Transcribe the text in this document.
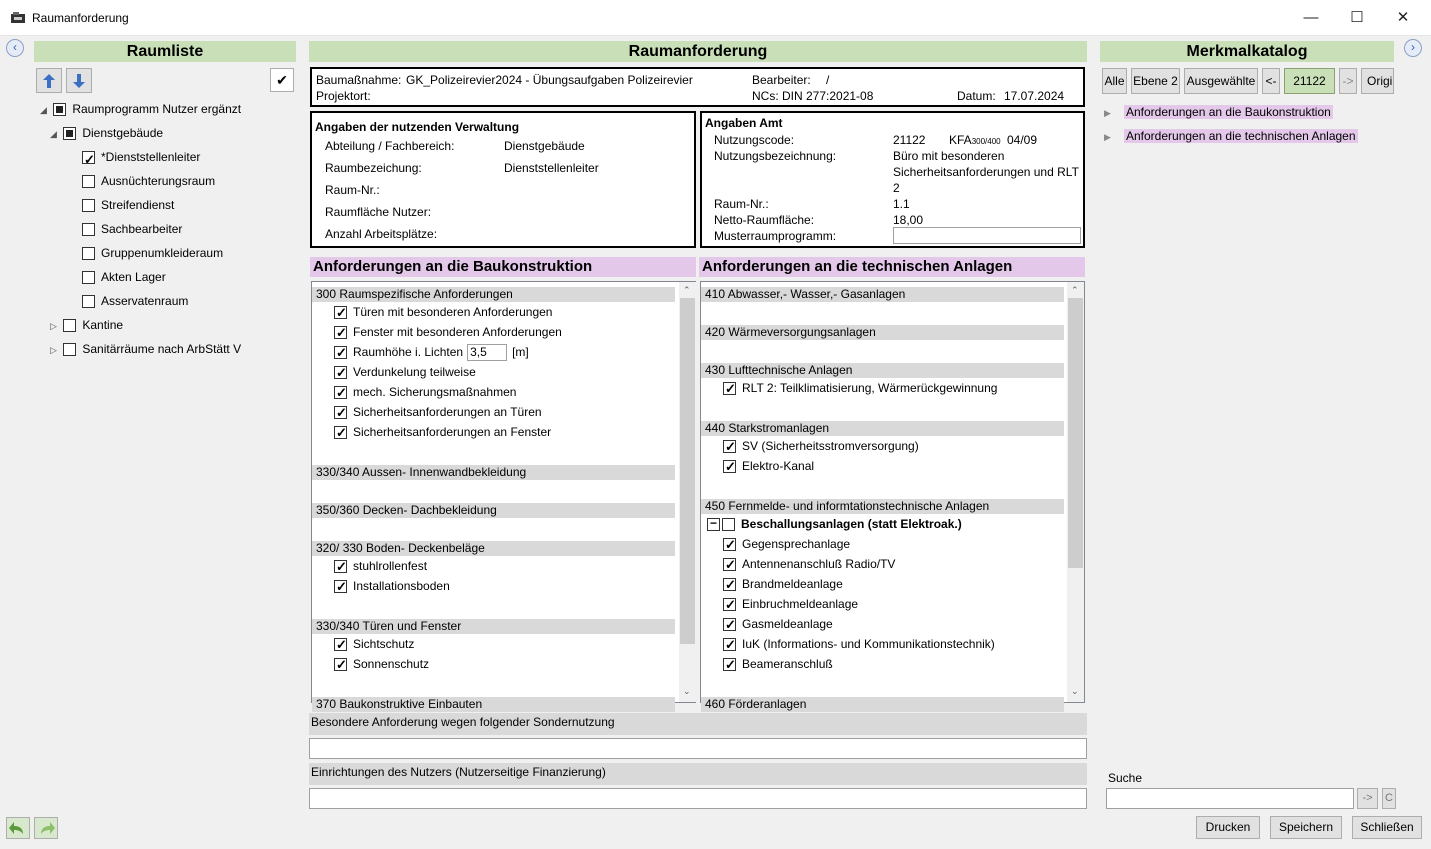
Raumanforderung	—	☐	✕
‹	›
Raumliste
✔
◢ Raumprogramm Nutzer ergänzt
◢ Dienstgebäude
✓*Dienststellenleiter
Ausnüchterungsraum
Streifendienst
Sachbearbeiter
Gruppenumkleideraum
Akten Lager
Asservatenraum
▷ Kantine
▷ Sanitärräume nach ArbStätt V
Raumanforderung
Baumaßnahme: GK_Polizeirevier2024 - Übungsaufgaben Polizeirevier
Projektort:
Bearbeiter: /
NCs: DIN 277:2021-08	Datum: 17.07.2024
Angaben der nutzenden Verwaltung
Abteilung / Fachbereich:	Dienstgebäude
Raumbezeichung:	Dienststellenleiter
Raum-Nr.:
Raumfläche Nutzer:
Anzahl Arbeitsplätze:
Angaben Amt
Nutzungscode:	21122 KFA300/400 04/09
Nutzungsbezeichnung:	Büro mit besonderen
Sicherheitsanforderungen und RLT
2
Raum-Nr.:	1.1
Netto-Raumfläche:	18,00
Musterraumprogramm:
Anforderungen an die Baukonstruktion	Anforderungen an die technischen Anlagen
300 Raumspezifische Anforderungen
✓Türen mit besonderen Anforderungen
✓Fenster mit besonderen Anforderungen
✓Raumhöhe i. Lichten 3,5 [m]
✓Verdunkelung teilweise
✓mech. Sicherungsmaßnahmen
✓Sicherheitsanforderungen an Türen
✓Sicherheitsanforderungen an Fenster
330/340 Aussen- Innenwandbekleidung
350/360 Decken- Dachbekleidung
320/ 330 Boden- Deckenbeläge
✓stuhlrollenfest
✓Installationsboden
330/340 Türen und Fenster
✓Sichtschutz
✓Sonnenschutz
370 Baukonstruktive Einbauten
⌃
⌄
410 Abwasser,- Wasser,- Gasanlagen
420 Wärmeversorgungsanlagen
430 Lufttechnische Anlagen
✓RLT 2: Teilklimatisierung, Wärmerückgewinnung
440 Starkstromanlagen
✓SV (Sicherheitsstromversorgung)
✓Elektro-Kanal
450 Fernmelde- und informtationstechnische Anlagen
− Beschallungsanlagen (statt Elektroak.)
✓Gegensprechanlage
✓Antennenanschluß Radio/TV
✓Brandmeldeanlage
✓Einbruchmeldeanlage
✓Gasmeldeanlage
✓IuK (Informations- und Kommunikationstechnik)
✓Beameranschluß
460 Förderanlagen
⌃
⌄
Besondere Anforderung wegen folgender Sondernutzung
Einrichtungen des Nutzers (Nutzerseitige Finanzierung)
Merkmalkatalog
Alle Ebene 2 Ausgewählte <-	21122	->	Origi
▶ Anforderungen an die Baukonstruktion
▶ Anforderungen an die technischen Anlagen
Suche
->	C
Drucken	Speichern	Schließen
